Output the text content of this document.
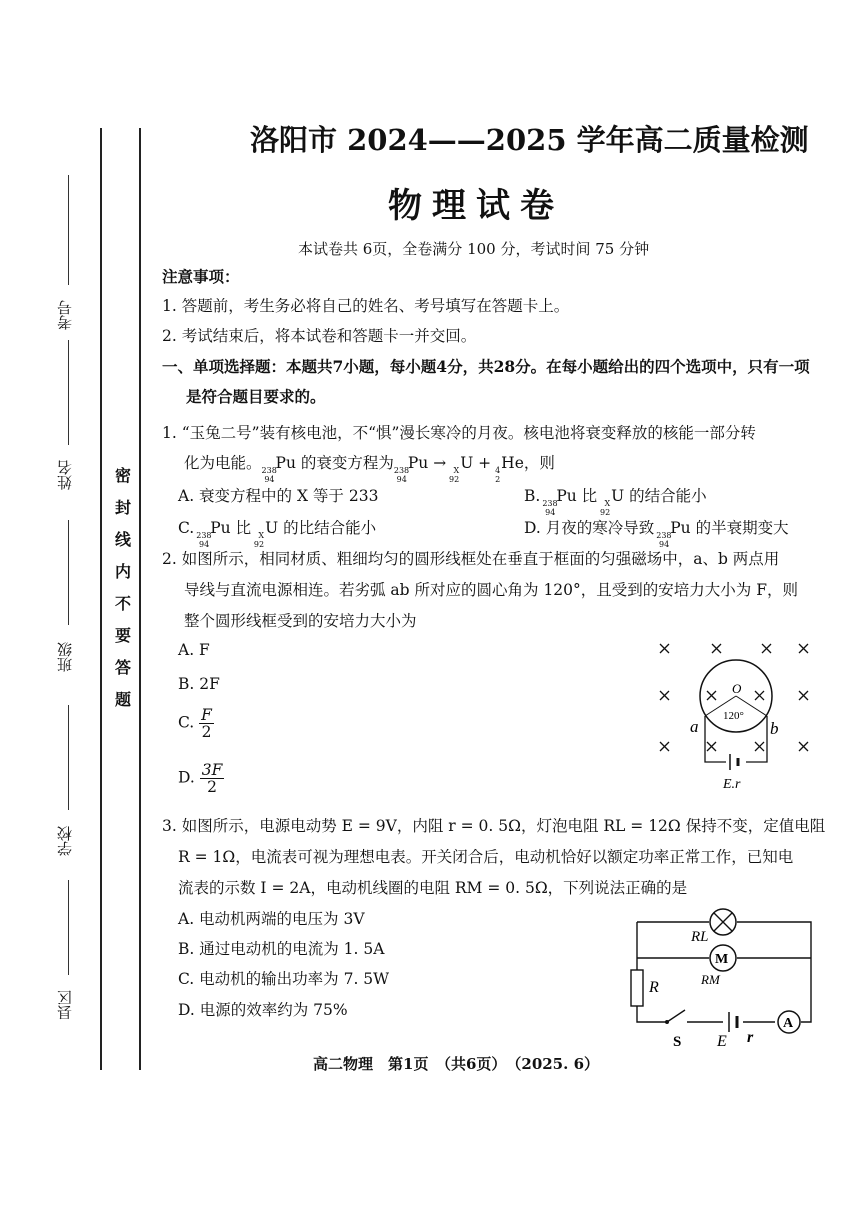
考号
姓名
班级
学校
县区
密 封 线 内 不 要 答 题
洛阳市 2024——2025 学年高二质量检测
物理试卷
本试卷共 6页，全卷满分 100 分，考试时间 75 分钟
注意事项：
1. 答题前，考生务必将自己的姓名、考号填写在答题卡上。
2. 考试结束后，将本试卷和答题卡一并交回。
一、单项选择题：本题共7小题，每小题4分，共28分。在每小题给出的四个选项中，只有一项
是符合题目要求的。
1. “玉兔二号”装有核电池，不“惧”漫长寒冷的月夜。核电池将衰变释放的核能一部分转
化为电能。 238
94
Pu 的衰变方程为 238
94
Pu → X
92
U + 4
2
He，则
A. 衰变方程中的 X 等于 233	B. 238
94
Pu 比 X
92
U 的结合能小
C. 238
94
Pu 比 X
92
U 的比结合能小	D. 月夜的寒冷导致 238
94
Pu 的半衰期变大
2. 如图所示，相同材质、粗细均匀的圆形线框处在垂直于框面的匀强磁场中，a、b 两点用
导线与直流电源相连。若劣弧 ab 所对应的圆心角为 120°，且受到的安培力大小为 F，则
整个圆形线框受到的安培力大小为
A. F
B. 2F
C. $\frac{F}{2}$
D. $\frac{3F}{2}$
O
120°
a	b
E.r
3. 如图所示，电源电动势 E = 9V，内阻 r = 0. 5Ω，灯泡电阻 RL = 12Ω 保持不变，定值电阻
R = 1Ω，电流表可视为理想电表。开关闭合后，电动机恰好以额定功率正常工作，已知电
流表的示数 I = 2A，电动机线圈的电阻 RM = 0. 5Ω，下列说法正确的是
A. 电动机两端的电压为 3V
B. 通过电动机的电流为 1. 5A
C. 电动机的输出功率为 7. 5W
D. 电源的效率约为 75%
M
A
RL
RM
R
S E r
高二物理　第1页　（共6页）　（2025. 6）
